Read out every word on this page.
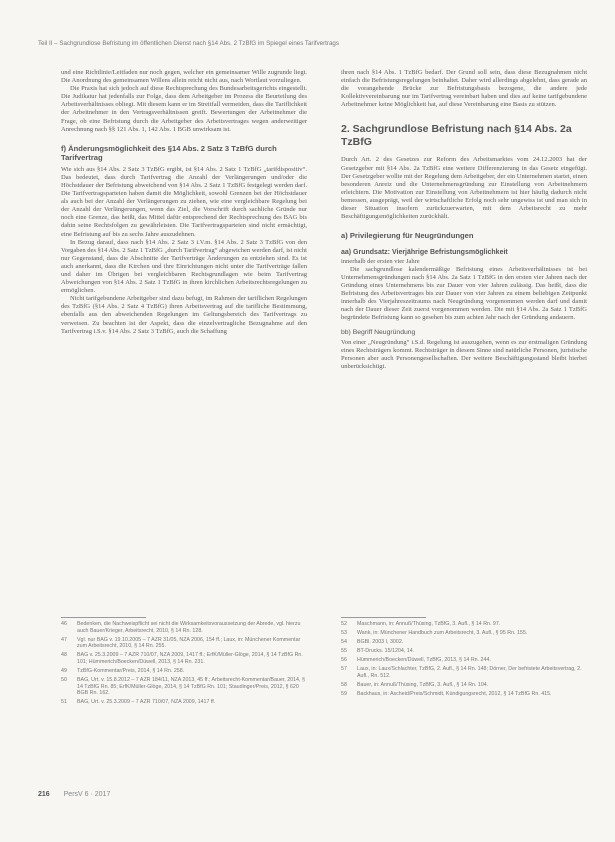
Teil II – Sachgrundlose Befristung im öffentlichen Dienst nach §14 Abs. 2 TzBfG im Spiegel eines Tarifvertrags

und eine Richtlinie/Leitfaden nur noch gegen, welcher ein gemeinsamer Wille zugrunde liegt. Die Anordnung des gemeinsamen Willens allein reicht nicht aus, nach Wortlaut vorzuliegen.

Die Praxis hat sich jedoch auf diese Rechtsprechung des Bundesarbeitsgerichts eingestellt. Die Judikatur hat jedenfalls zur Folge, dass dem Arbeitgeber im Prozess die Beurteilung des Arbeitsverhältnisses obliegt. Mit diesem kann er im Streitfall vermeiden, dass die Tariflichkeit der Arbeitnehmer in den Vertragsverhältnissen greift. Bewertungen der Arbeitnehmer die Frage, ob eine Befristung durch die Arbeitgeber des Arbeitsvertrages wegen anderweitiger Anrechnung nach §§ 121 Abs. 1, 142 Abs. 1 BGB unwirksam ist.

f) Änderungsmöglichkeit des §14 Abs. 2 Satz 3 TzBfG durch Tarifvertrag

Wie sich aus §14 Abs. 2 Satz 3 TzBfG ergibt, ist §14 Abs. 2 Satz 1 TzBfG „tarifdispositiv“. Das bedeutet, dass durch Tarifvertrag die Anzahl der Verlängerungen und/oder die Höchstdauer der Befristung abweichend von §14 Abs. 2 Satz 1 TzBfG festgelegt werden darf. Die Tarifvertragsparteien haben damit die Möglichkeit, sowohl Grenzen bei der Höchstdauer als auch bei der Anzahl der Verlängerungen zu ziehen, wie eine vergleichbare Regelung bei der Anzahl der Verlängerungen, wenn das Ziel, die Vorschrift durch sachliche Gründe nur noch eine Grenze, das heißt, das Mittel dafür entsprechend der Rechtsprechung des BAG bis dahin seine Rechtsfolgen zu gewährleisten. Die Tarifvertragsparteien sind nicht ermächtigt, eine Befristung auf bis zu sechs Jahre auszudehnen.

In Bezug darauf, dass nach §14 Abs. 2 Satz 3 i.V.m. §14 Abs. 2 Satz 3 TzBfG von den Vorgaben des §14 Abs. 2 Satz 1 TzBfG „durch Tarifvertrag“ abgewichen werden darf, ist nicht nur Gegenstand, dass die Abschnitte der Tarifverträge Änderungen zu entziehen sind. Es ist auch anerkannt, dass die Kirchen und ihre Einrichtungen nicht unter die Tarifverträge fallen und daher im Übrigen bei vergleichbaren Rechtsgrundlagen wie beim Tarifvertrag Abweichungen von §14 Abs. 2 Satz 1 TzBfG in ihren kirchlichen Arbeitsrechtsregelungen zu ermöglichen.

Nicht tarifgebundene Arbeitgeber sind dazu befugt, im Rahmen der tariflichen Regelungen des TzBfG (§14 Abs. 2 Satz 4 TzBfG) ihren Arbeitsvertrag auf die tarifliche Bestimmung, ebenfalls aus den abweichenden Regelungen im Geltungsbereich des Tarifvertrags zu verweisen. Zu beachten ist der Aspekt, dass die einzelvertragliche Bezugnahme auf den Tarifvertrag i.S.v. §14 Abs. 2 Satz 3 TzBfG, auch die Schaffung

ihren nach §14 Abs. 1 TzBfG bedarf. Der Grund soll sein, dass diese Bezugnahmen nicht einfach die Befristungsregelungen beinhaltet. Daher wird allerdings abgelehnt, dass gerade an die vorangehende Brücke zur Befristungsbasis bezogene, die andere jede Kollektivvereinbarung nur im Tarifvertrag vereinbart haben und dies auf keine tarifgebundene Arbeitnehmer keine Möglichkeit hat, auf diese Vereinbarung eine Basis zu stützen.

2. Sachgrundlose Befristung nach §14 Abs. 2a TzBfG

Durch Art. 2 des Gesetzes zur Reform des Arbeitsmarktes vom 24.12.2003 hat der Gesetzgeber mit §14 Abs. 2a TzBfG eine weitere Differenzierung in das Gesetz eingefügt. Der Gesetzgeber wollte mit der Regelung dem Arbeitgeber, der ein Unternehmen startet, einen besonderen Anreiz und die Unternehmensgründung zur Einstellung von Arbeitnehmern erleichtern. Die Motivation zur Einstellung von Arbeitnehmern ist hier häufig dadurch nicht bemessen, ausgeprägt, weil der wirtschaftliche Erfolg noch sehr ungewiss ist und man sich in dieser Situation insofern zurückzuerwarten, mit dem Arbeitsrecht zu mehr Beschäftigungsmöglichkeiten zurückhält.

a) Privilegierung für Neugründungen
aa) Grundsatz: Vierjährige Befristungsmöglichkeit

innerhalb der ersten vier Jahre

Die sachgrundlose kalendermäßige Befristung eines Arbeitsverhältnisses ist bei Unternehmensgründungen nach §14 Abs. 2a Satz 1 TzBfG in den ersten vier Jahren nach der Gründung eines Unternehmens bis zur Dauer von vier Jahren zulässig. Das heißt, dass die Befristung des Arbeitsvertrages bis zur Dauer von vier Jahren zu einem beliebigen Zeitpunkt innerhalb des Vierjahreszeitraums nach Neugründung vorgenommen werden darf und damit nach der Dauer dieser Zeit zuerst vorgenommen werden. Die mit §14 Abs. 2a Satz 1 TzBfG begründete Befristung kann so gesehen bis zum achten Jahr nach der Gründung andauern.

bb) Begriff Neugründung

Von einer „Neugründung“ i.S.d. Regelung ist auszugehen, wenn es zur erstmaligen Gründung eines Rechtsträgers kommt. Rechtsträger in diesem Sinne sind natürliche Personen, juristische Personen aber auch Personengesellschaften. Der weitere Beschäftigungsstand bleibt hierbei unberücksichtigt.

46	Bedenken, die Nachweispflicht sei nicht die Wirksamkeitsvoraussetzung der Abrede, vgl. hierzu auch Bauer/Krieger, Arbeitsrecht, 2010, § 14 Rn. 128.
47	Vgl. nur BAG v. 19.10.2005 – 7 AZR 31/05, NZA 2006, 154 ff.; Laux, in: Münchener Kommentar zum Arbeitsrecht, 2010, § 14 Rn. 255.
48	BAG v. 25.3.2009 – 7 AZR 710/07, NZA 2009, 1417 ff.; ErfK/Müller-Glöge, 2014, § 14 TzBfG Rn. 101; Hümmerich/Boecken/Düwell, 2013, § 14 Rn. 231.
49	TzBfG-Kommentar/Preis, 2014, § 14 Rn. 258.
50	BAG, Urt. v. 15.8.2012 – 7 AZR 184/11, NZA 2013, 45 ff.; Arbeitsrecht-Kommentar/Bauer, 2014, § 14 TzBfG Rn. 85; ErfK/Müller-Glöge, 2014, § 14 TzBfG Rn. 101; Staudinger/Preis, 2012, § 620 BGB Rn. 162.
51	BAG, Urt. v. 25.3.2009 – 7 AZR 710/07, NZA 2009, 1417 ff.
52	Maschmann, in: Annuß/Thüsing, TzBfG, 3. Aufl., § 14 Rn. 97.
53	Wank, in: Münchener Handbuch zum Arbeitsrecht, 3. Aufl., § 95 Rn. 155.
54	BGBl. 2003 I, 3002.
55	BT-Drucks. 15/1204, 14.
56	Hümmerich/Boecken/Düwell, TzBfG, 2013, § 14 Rn. 244.
57	Laux, in: Laux/Schlachter, TzBfG, 2. Aufl., § 14 Rn. 148; Dörner, Der befristete Arbeitsvertrag, 2. Aufl., Rn. 512.
58	Bauer, in: Annuß/Thüsing, TzBfG, 3. Aufl., § 14 Rn. 104.
59	Backhaus, in: Ascheid/Preis/Schmidt, Kündigungsrecht, 2012, § 14 TzBfG Rn. 415.
216 PersV 6 · 2017
